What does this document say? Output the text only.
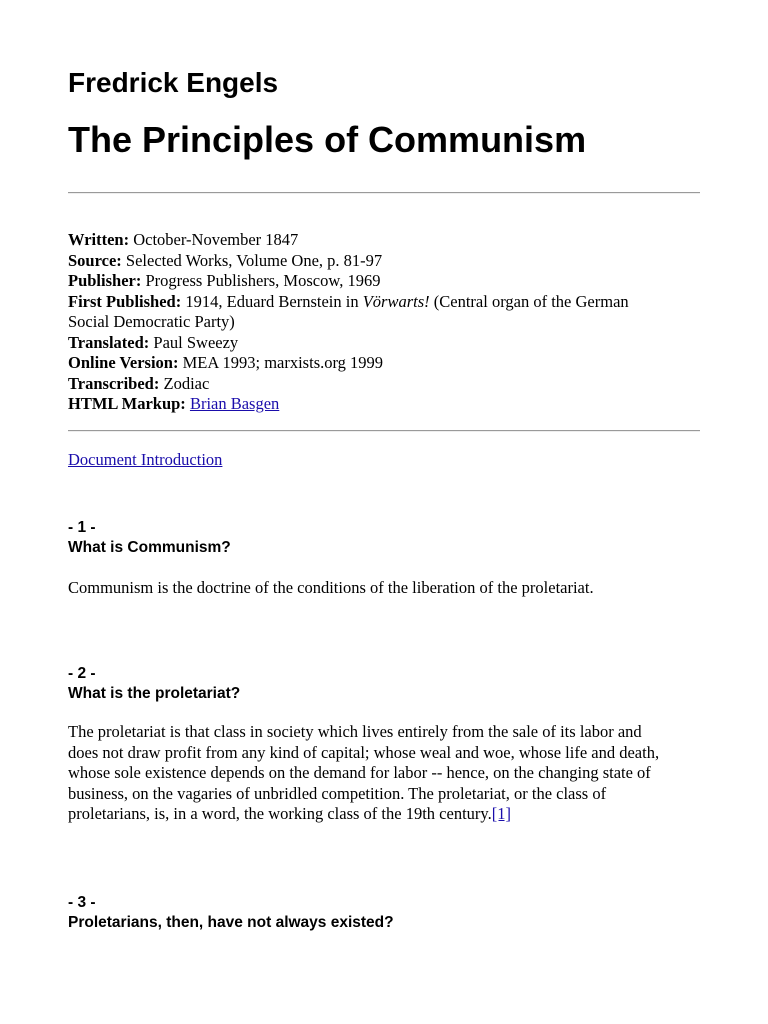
Fredrick Engels
The Principles of Communism
Written: October-November 1847
Source: Selected Works, Volume One, p. 81-97
Publisher: Progress Publishers, Moscow, 1969
First Published: 1914, Eduard Bernstein in Vörwarts! (Central organ of the German
Social Democratic Party)
Translated: Paul Sweezy
Online Version: MEA 1993; marxists.org 1999
Transcribed: Zodiac
HTML Markup: Brian Basgen
Document Introduction

- 1 -

What is Communism?

Communism is the doctrine of the conditions of the liberation of the proletariat.

- 2 -

What is the proletariat?

The proletariat is that class in society which lives entirely from the sale of its labor and
does not draw profit from any kind of capital; whose weal and woe, whose life and death,
whose sole existence depends on the demand for labor -- hence, on the changing state of
business, on the vagaries of unbridled competition. The proletariat, or the class of
proletarians, is, in a word, the working class of the 19th century.[1]

- 3 -

Proletarians, then, have not always existed?
